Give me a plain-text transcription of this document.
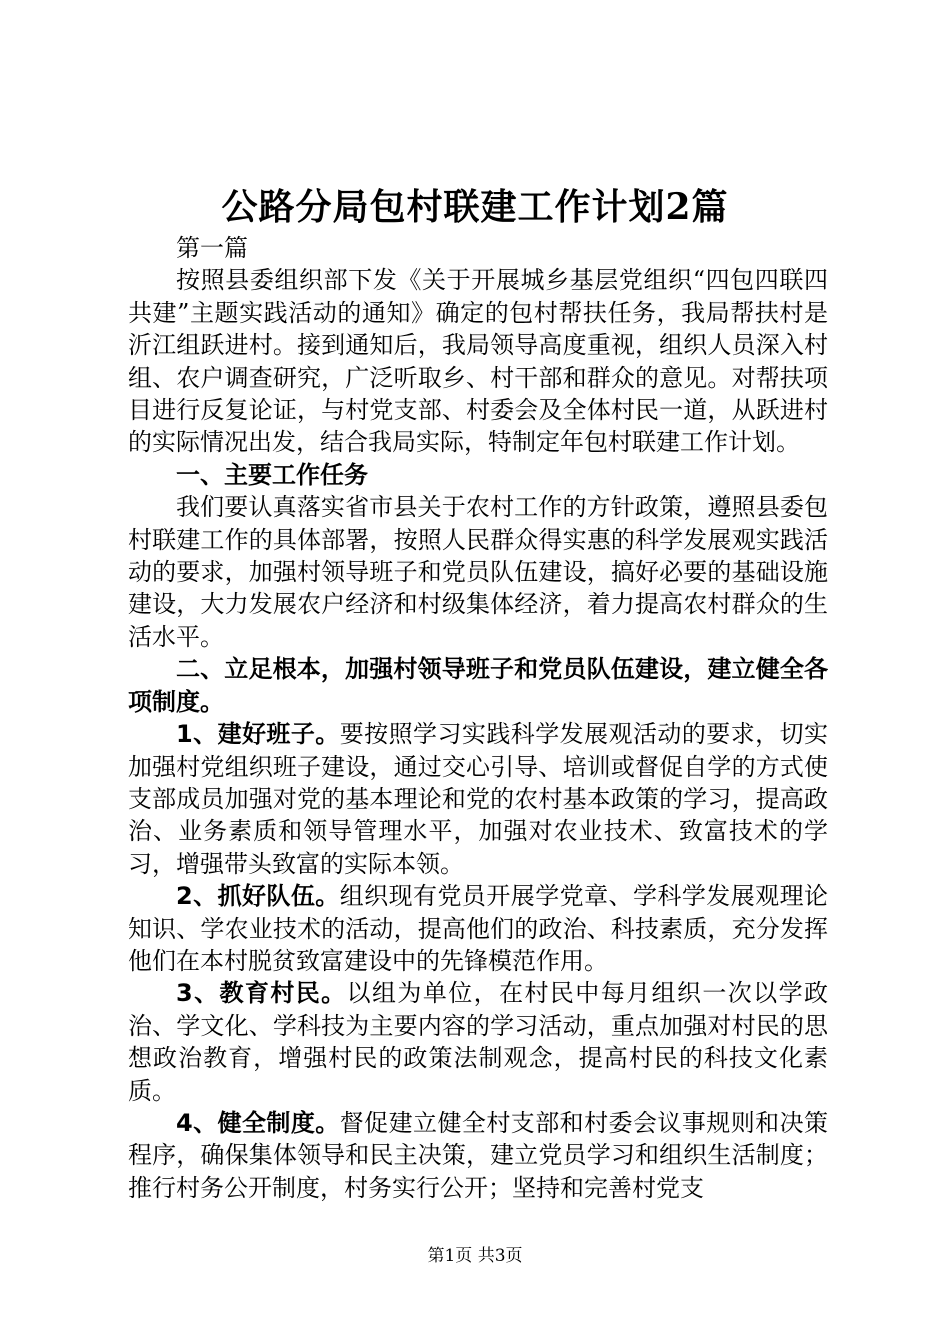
公路分局包村联建工作计划2篇

第一篇

按照县委组织部下发《关于开展城乡基层党组织“四包四联四共建”主题实践活动的通知》确定的包村帮扶任务，我局帮扶村是沂江组跃进村。接到通知后，我局领导高度重视，组织人员深入村组、农户调查研究，广泛听取乡、村干部和群众的意见。对帮扶项目进行反复论证，与村党支部、村委会及全体村民一道，从跃进村的实际情况出发，结合我局实际，特制定年包村联建工作计划。

一、主要工作任务

我们要认真落实省市县关于农村工作的方针政策，遵照县委包村联建工作的具体部署，按照人民群众得实惠的科学发展观实践活动的要求，加强村领导班子和党员队伍建设，搞好必要的基础设施建设，大力发展农户经济和村级集体经济，着力提高农村群众的生活水平。

二、立足根本，加强村领导班子和党员队伍建设，建立健全各项制度。

1、建好班子。要按照学习实践科学发展观活动的要求，切实加强村党组织班子建设，通过交心引导、培训或督促自学的方式使支部成员加强对党的基本理论和党的农村基本政策的学习，提高政治、业务素质和领导管理水平，加强对农业技术、致富技术的学习，增强带头致富的实际本领。

2、抓好队伍。组织现有党员开展学党章、学科学发展观理论知识、学农业技术的活动，提高他们的政治、科技素质，充分发挥他们在本村脱贫致富建设中的先锋模范作用。

3、教育村民。以组为单位，在村民中每月组织一次以学政治、学文化、学科技为主要内容的学习活动，重点加强对村民的思想政治教育，增强村民的政策法制观念，提高村民的科技文化素质。

4、健全制度。督促建立健全村支部和村委会议事规则和决策程序，确保集体领导和民主决策，建立党员学习和组织生活制度；推行村务公开制度，村务实行公开；坚持和完善村党支

第1页 共3页
